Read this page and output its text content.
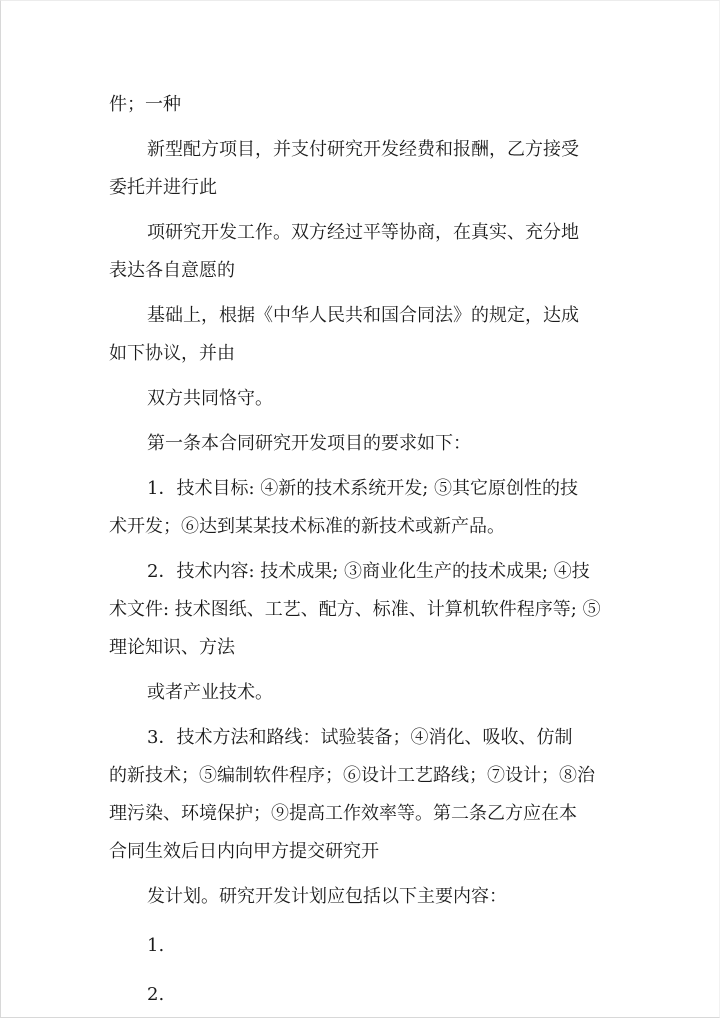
件；一种
新型配方项目，并支付研究开发经费和报酬，乙方接受
委托并进行此
项研究开发工作。双方经过平等协商，在真实、充分地
表达各自意愿的
基础上，根据《中华人民共和国合同法》的规定，达成
如下协议，并由
双方共同恪守。
第一条本合同研究开发项目的要求如下：
1．技术目标: ④新的技术系统开发; ⑤其它原创性的技
术开发；⑥达到某某技术标准的新技术或新产品。
2．技术内容: 技术成果; ③商业化生产的技术成果; ④技
术文件: 技术图纸、工艺、配方、标准、计算机软件程序等; ⑤
理论知识、方法
或者产业技术。
3．技术方法和路线：试验装备；④消化、吸收、仿制
的新技术；⑤编制软件程序；⑥设计工艺路线；⑦设计；⑧治
理污染、环境保护；⑨提高工作效率等。第二条乙方应在本
合同生效后日内向甲方提交研究开
发计划。研究开发计划应包括以下主要内容：
1.
2.
